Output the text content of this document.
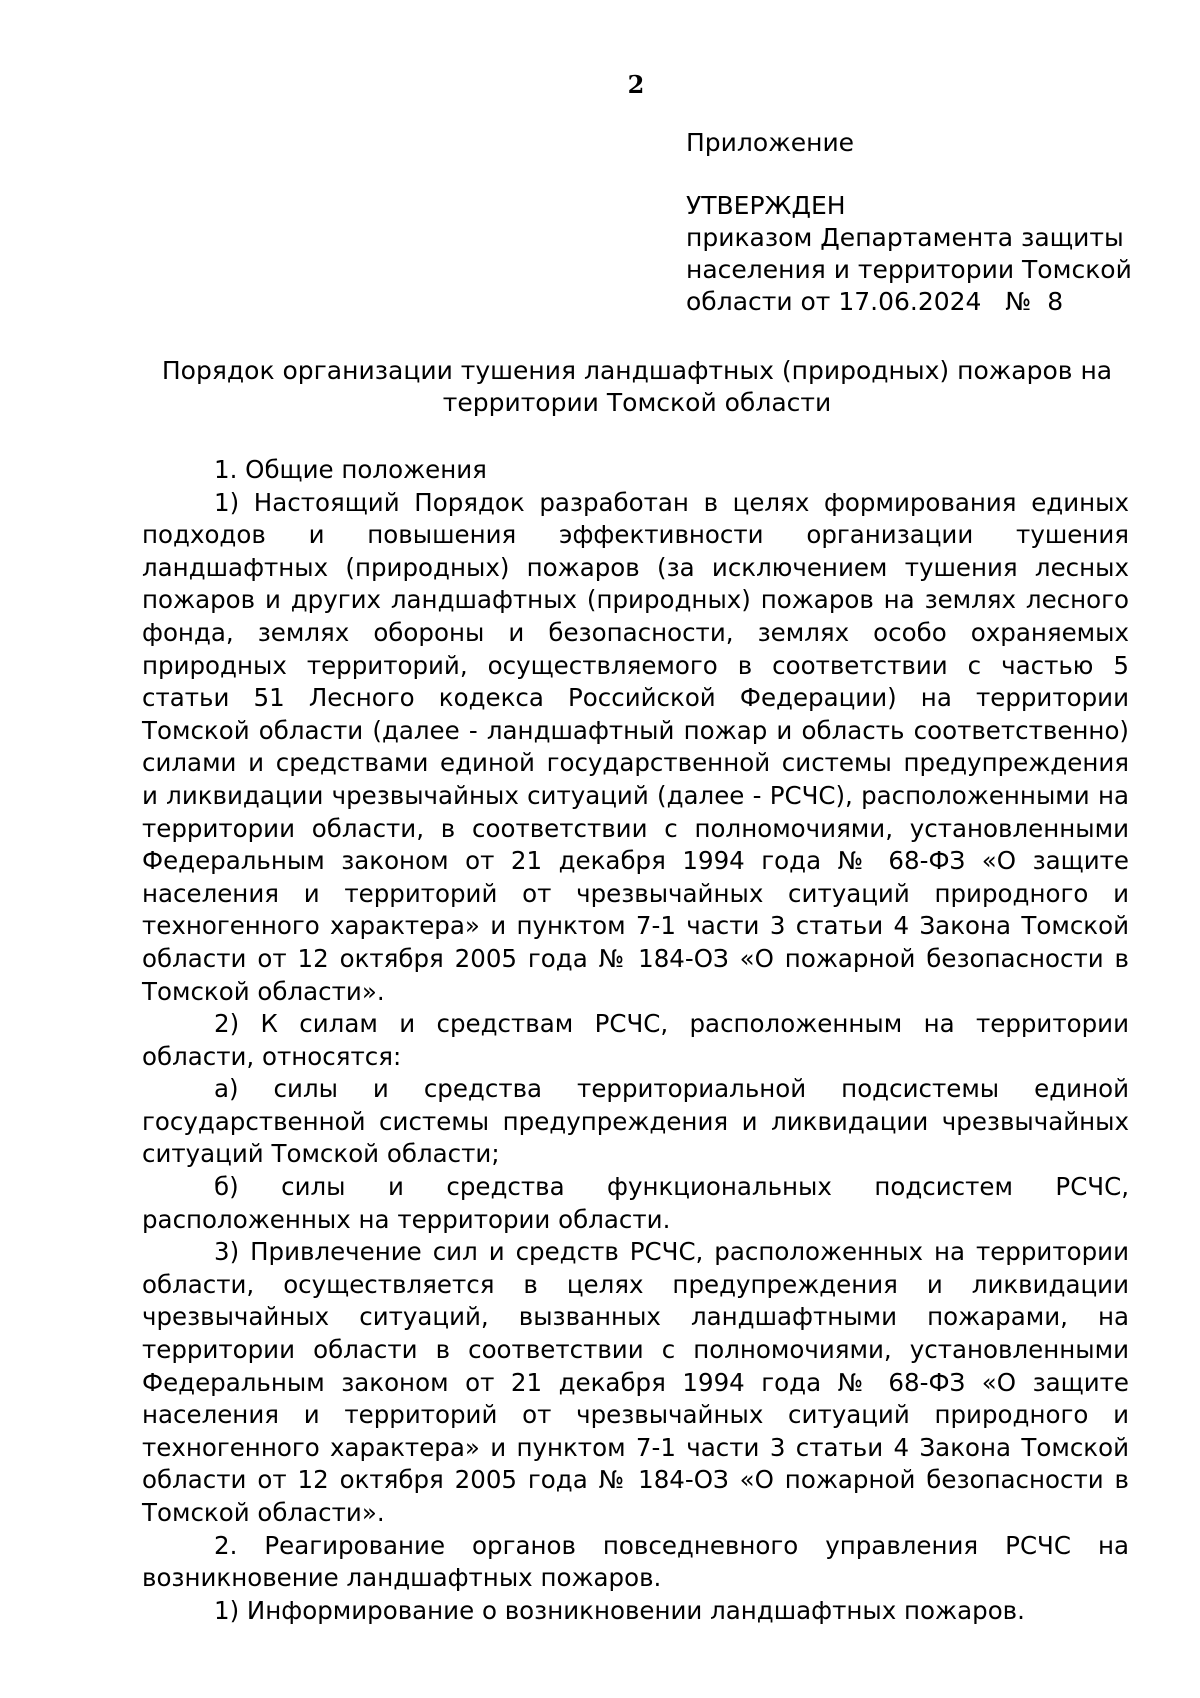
2
Приложение
УТВЕРЖДЕН
приказом Департамента защиты
населения и территории Томской
области от 17.06.2024   №  8
Порядок организации тушения ландшафтных (природных) пожаров на
территории Томской области

1. Общие положения

1) Настоящий Порядок разработан в целях формирования единых подходов и повышения эффективности организации тушения ландшафтных (природных) пожаров (за исключением тушения лесных пожаров и других ландшафтных (природных) пожаров на землях лесного фонда, землях обороны и безопасности, землях особо охраняемых природных территорий, осуществляемого в соответствии с частью 5 статьи 51 Лесного кодекса Российской Федерации) на территории Томской области (далее - ландшафтный пожар и область соответственно) силами и средствами единой государственной системы предупреждения и ликвидации чрезвычайных ситуаций (далее - РСЧС), расположенными на территории области, в соответствии с полномочиями, установленными Федеральным законом от 21 декабря 1994 года № 68-ФЗ «О защите населения и территорий от чрезвычайных ситуаций природного и техногенного характера» и пунктом 7-1 части 3 статьи 4 Закона Томской области от 12 октября 2005 года № 184-ОЗ «О пожарной безопасности в Томской области».

2) К силам и средствам РСЧС, расположенным на территории области, относятся:

а) силы и средства территориальной подсистемы единой государственной системы предупреждения и ликвидации чрезвычайных ситуаций Томской области;

б) силы и средства функциональных подсистем РСЧС, расположенных на территории области.

3) Привлечение сил и средств РСЧС, расположенных на территории области, осуществляется в целях предупреждения и ликвидации чрезвычайных ситуаций, вызванных ландшафтными пожарами, на территории области в соответствии с полномочиями, установленными Федеральным законом от 21 декабря 1994 года № 68-ФЗ «О защите населения и территорий от чрезвычайных ситуаций природного и техногенного характера» и пунктом 7-1 части 3 статьи 4 Закона Томской области от 12 октября 2005 года № 184-ОЗ «О пожарной безопасности в Томской области».

2. Реагирование органов повседневного управления РСЧС на возникновение ландшафтных пожаров.

1) Информирование о возникновении ландшафтных пожаров.
